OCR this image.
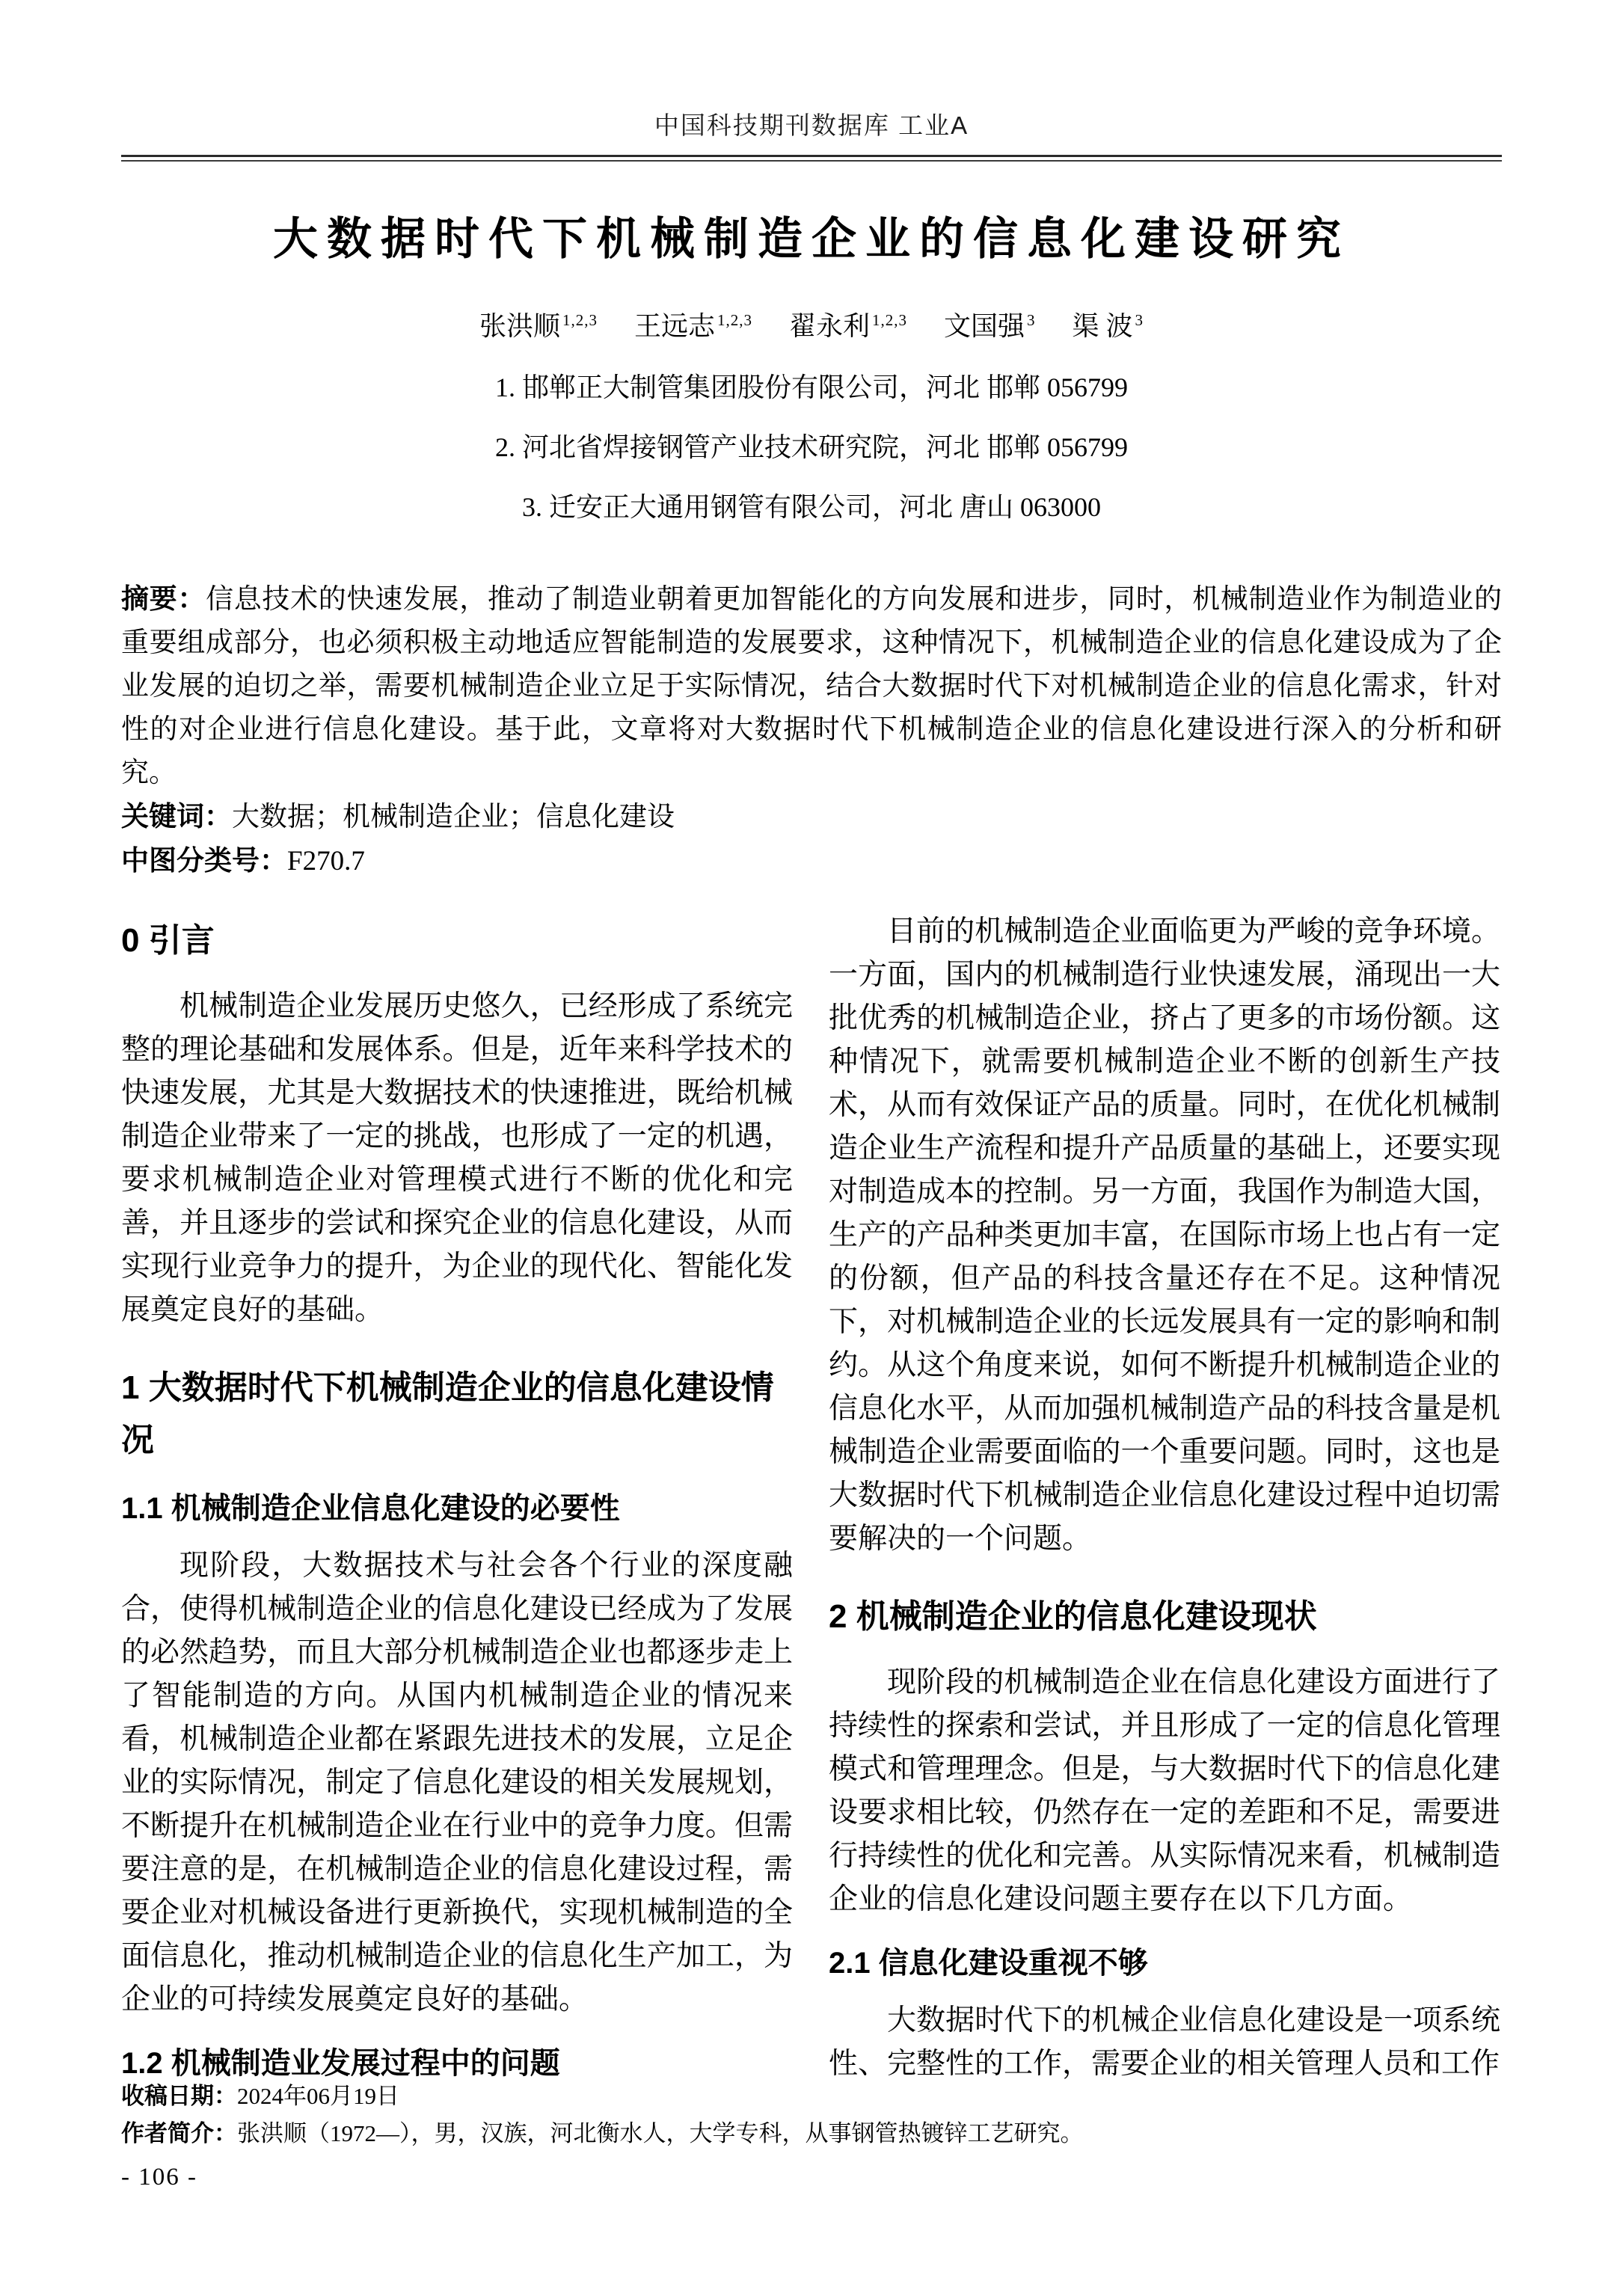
中国科技期刊数据库 工业A
大数据时代下机械制造企业的信息化建设研究
张洪顺 $^{1,2,3}$ 王远志 $^{1,2,3}$ 翟永利 $^{1,2,3}$ 文国强 $^3$ 渠 波 $^3$
1. 邯郸正大制管集团股份有限公司，河北 邯郸 056799
2. 河北省焊接钢管产业技术研究院，河北 邯郸 056799
3. 迁安正大通用钢管有限公司，河北 唐山 063000

摘要：信息技术的快速发展，推动了制造业朝着更加智能化的方向发展和进步，同时，机械制造业作为制造业的重要组成部分，也必须积极主动地适应智能制造的发展要求，这种情况下，机械制造企业的信息化建设成为了企业发展的迫切之举，需要机械制造企业立足于实际情况，结合大数据时代下对机械制造企业的信息化需求，针对性的对企业进行信息化建设。基于此，文章将对大数据时代下机械制造企业的信息化建设进行深入的分析和研究。

关键词：大数据；机械制造企业；信息化建设

中图分类号：F270.7

0 引言

机械制造企业发展历史悠久，已经形成了系统完整的理论基础和发展体系。但是，近年来科学技术的快速发展，尤其是大数据技术的快速推进，既给机械制造企业带来了一定的挑战，也形成了一定的机遇，要求机械制造企业对管理模式进行不断的优化和完善，并且逐步的尝试和探究企业的信息化建设，从而实现行业竞争力的提升，为企业的现代化、智能化发展奠定良好的基础。

1 大数据时代下机械制造企业的信息化建设情况
1.1 机械制造企业信息化建设的必要性

现阶段，大数据技术与社会各个行业的深度融合，使得机械制造企业的信息化建设已经成为了发展的必然趋势，而且大部分机械制造企业也都逐步走上了智能制造的方向。从国内机械制造企业的情况来看，机械制造企业都在紧跟先进技术的发展，立足企业的实际情况，制定了信息化建设的相关发展规划，不断提升在机械制造企业在行业中的竞争力度。但需要注意的是，在机械制造企业的信息化建设过程，需要企业对机械设备进行更新换代，实现机械制造的全面信息化，推动机械制造企业的信息化生产加工，为企业的可持续发展奠定良好的基础。

1.2 机械制造业发展过程中的问题

目前的机械制造企业面临更为严峻的竞争环境。一方面，国内的机械制造行业快速发展，涌现出一大批优秀的机械制造企业，挤占了更多的市场份额。这种情况下，就需要机械制造企业不断的创新生产技术，从而有效保证产品的质量。同时，在优化机械制造企业生产流程和提升产品质量的基础上，还要实现对制造成本的控制。另一方面，我国作为制造大国，生产的产品种类更加丰富，在国际市场上也占有一定的份额，但产品的科技含量还存在不足。这种情况下，对机械制造企业的长远发展具有一定的影响和制约。从这个角度来说，如何不断提升机械制造企业的信息化水平，从而加强机械制造产品的科技含量是机械制造企业需要面临的一个重要问题。同时，这也是大数据时代下机械制造企业信息化建设过程中迫切需要解决的一个问题。

2 机械制造企业的信息化建设现状

现阶段的机械制造企业在信息化建设方面进行了持续性的探索和尝试，并且形成了一定的信息化管理模式和管理理念。但是，与大数据时代下的信息化建设要求相比较，仍然存在一定的差距和不足，需要进行持续性的优化和完善。从实际情况来看，机械制造企业的信息化建设问题主要存在以下几方面。

2.1 信息化建设重视不够

大数据时代下的机械企业信息化建设是一项系统性、完整性的工作，需要企业的相关管理人员和工作

收稿日期：2024年06月19日
作者简介：张洪顺（1972—），男，汉族，河北衡水人，大学专科，从事钢管热镀锌工艺研究。
- 106 -
